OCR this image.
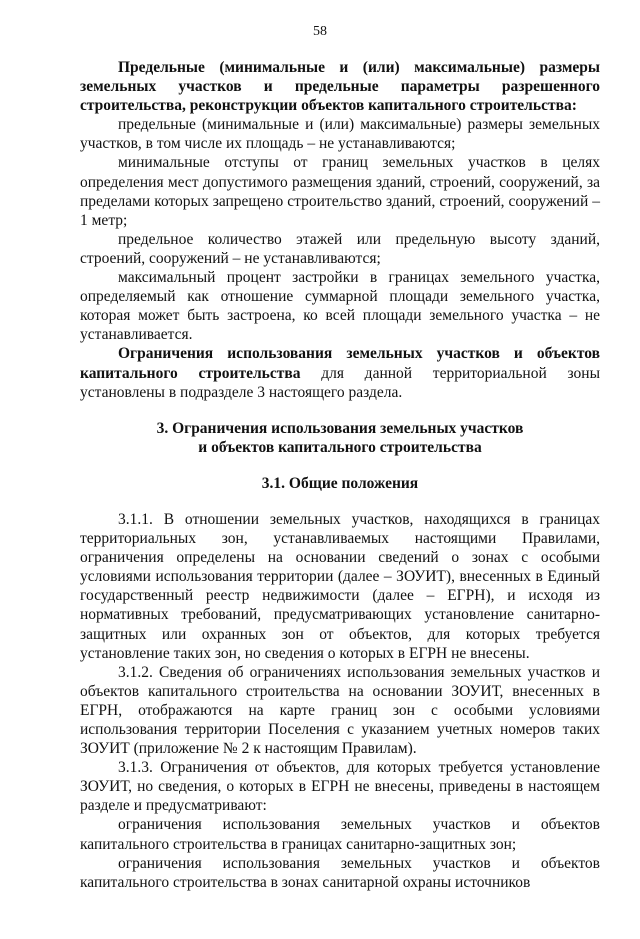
58

Предельные (минимальные и (или) максимальные) размеры земельных участков и предельные параметры разрешенного строительства, реконструкции объектов капитального строительства:

предельные (минимальные и (или) максимальные) размеры земельных участков, в том числе их площадь – не устанавливаются;

минимальные отступы от границ земельных участков в целях определения мест допустимого размещения зданий, строений, сооружений, за пределами которых запрещено строительство зданий, строений, сооружений – 1 метр;

предельное количество этажей или предельную высоту зданий, строений, сооружений – не устанавливаются;

максимальный процент застройки в границах земельного участка, определяемый как отношение суммарной площади земельного участка, которая может быть застроена, ко всей площади земельного участка – не устанавливается.

Ограничения использования земельных участков и объектов капитального строительства для данной территориальной зоны установлены в подразделе 3 настоящего раздела.

3. Ограничения использования земельных участков

и объектов капитального строительства

3.1. Общие положения

3.1.1. В отношении земельных участков, находящихся в границах территориальных зон, устанавливаемых настоящими Правилами, ограничения определены на основании сведений о зонах с особыми условиями использования территории (далее – ЗОУИТ), внесенных в Единый государственный реестр недвижимости (далее – ЕГРН), и исходя из нормативных требований, предусматривающих установление санитарно-защитных или охранных зон от объектов, для которых требуется установление таких зон, но сведения о которых в ЕГРН не внесены.

3.1.2. Сведения об ограничениях использования земельных участков и объектов капитального строительства на основании ЗОУИТ, внесенных в ЕГРН, отображаются на карте границ зон с особыми условиями использования территории Поселения с указанием учетных номеров таких ЗОУИТ (приложение № 2 к настоящим Правилам).

3.1.3. Ограничения от объектов, для которых требуется установление ЗОУИТ, но сведения, о которых в ЕГРН не внесены, приведены в настоящем разделе и предусматривают:

ограничения использования земельных участков и объектов капитального строительства в границах санитарно-защитных зон;

ограничения использования земельных участков и объектов капитального строительства в зонах санитарной охраны источников
